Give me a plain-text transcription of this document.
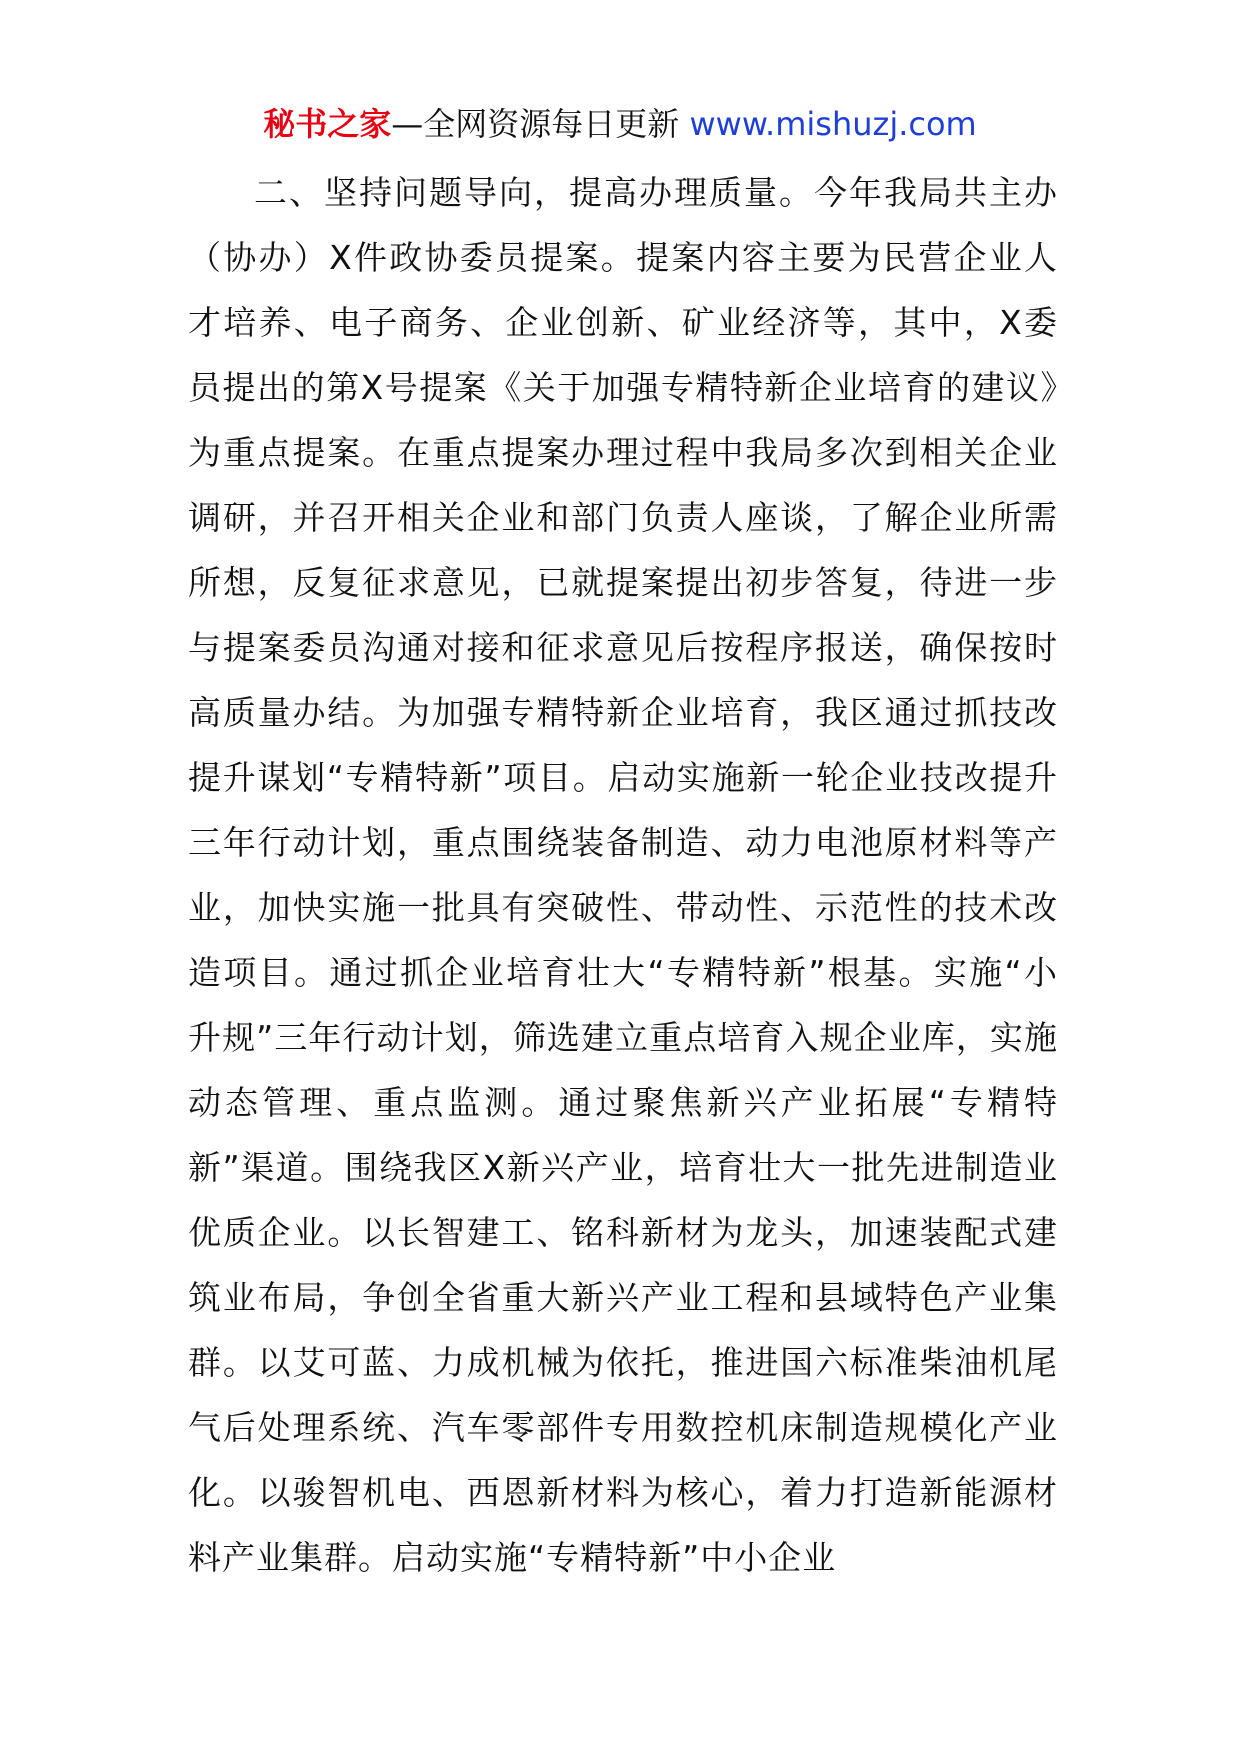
秘书之家—全网资源每日更新 www.mishuzj.com

二、坚持问题导向，提高办理质量。今年我局共主办（协办）X件政协委员提案。提案内容主要为民营企业人才培养、电子商务、企业创新、矿业经济等，其中，X委员提出的第X号提案《关于加强专精特新企业培育的建议》为重点提案。在重点提案办理过程中我局多次到相关企业调研，并召开相关企业和部门负责人座谈，了解企业所需所想，反复征求意见，已就提案提出初步答复，待进一步与提案委员沟通对接和征求意见后按程序报送，确保按时高质量办结。为加强专精特新企业培育，我区通过抓技改提升谋划“专精特新”项目。启动实施新一轮企业技改提升三年行动计划，重点围绕装备制造、动力电池原材料等产业，加快实施一批具有突破性、带动性、示范性的技术改造项目。通过抓企业培育壮大“专精特新”根基。实施“小升规”三年行动计划，筛选建立重点培育入规企业库，实施动态管理、重点监测。通过聚焦新兴产业拓展“专精特新”渠道。围绕我区X新兴产业，培育壮大一批先进制造业优质企业。以长智建工、铭科新材为龙头，加速装配式建筑业布局，争创全省重大新兴产业工程和县域特色产业集群。以艾可蓝、力成机械为依托，推进国六标准柴油机尾气后处理系统、汽车零部件专用数控机床制造规模化产业化。以骏智机电、西恩新材料为核心，着力打造新能源材料产业集群。启动实施“专精特新”中小企业
